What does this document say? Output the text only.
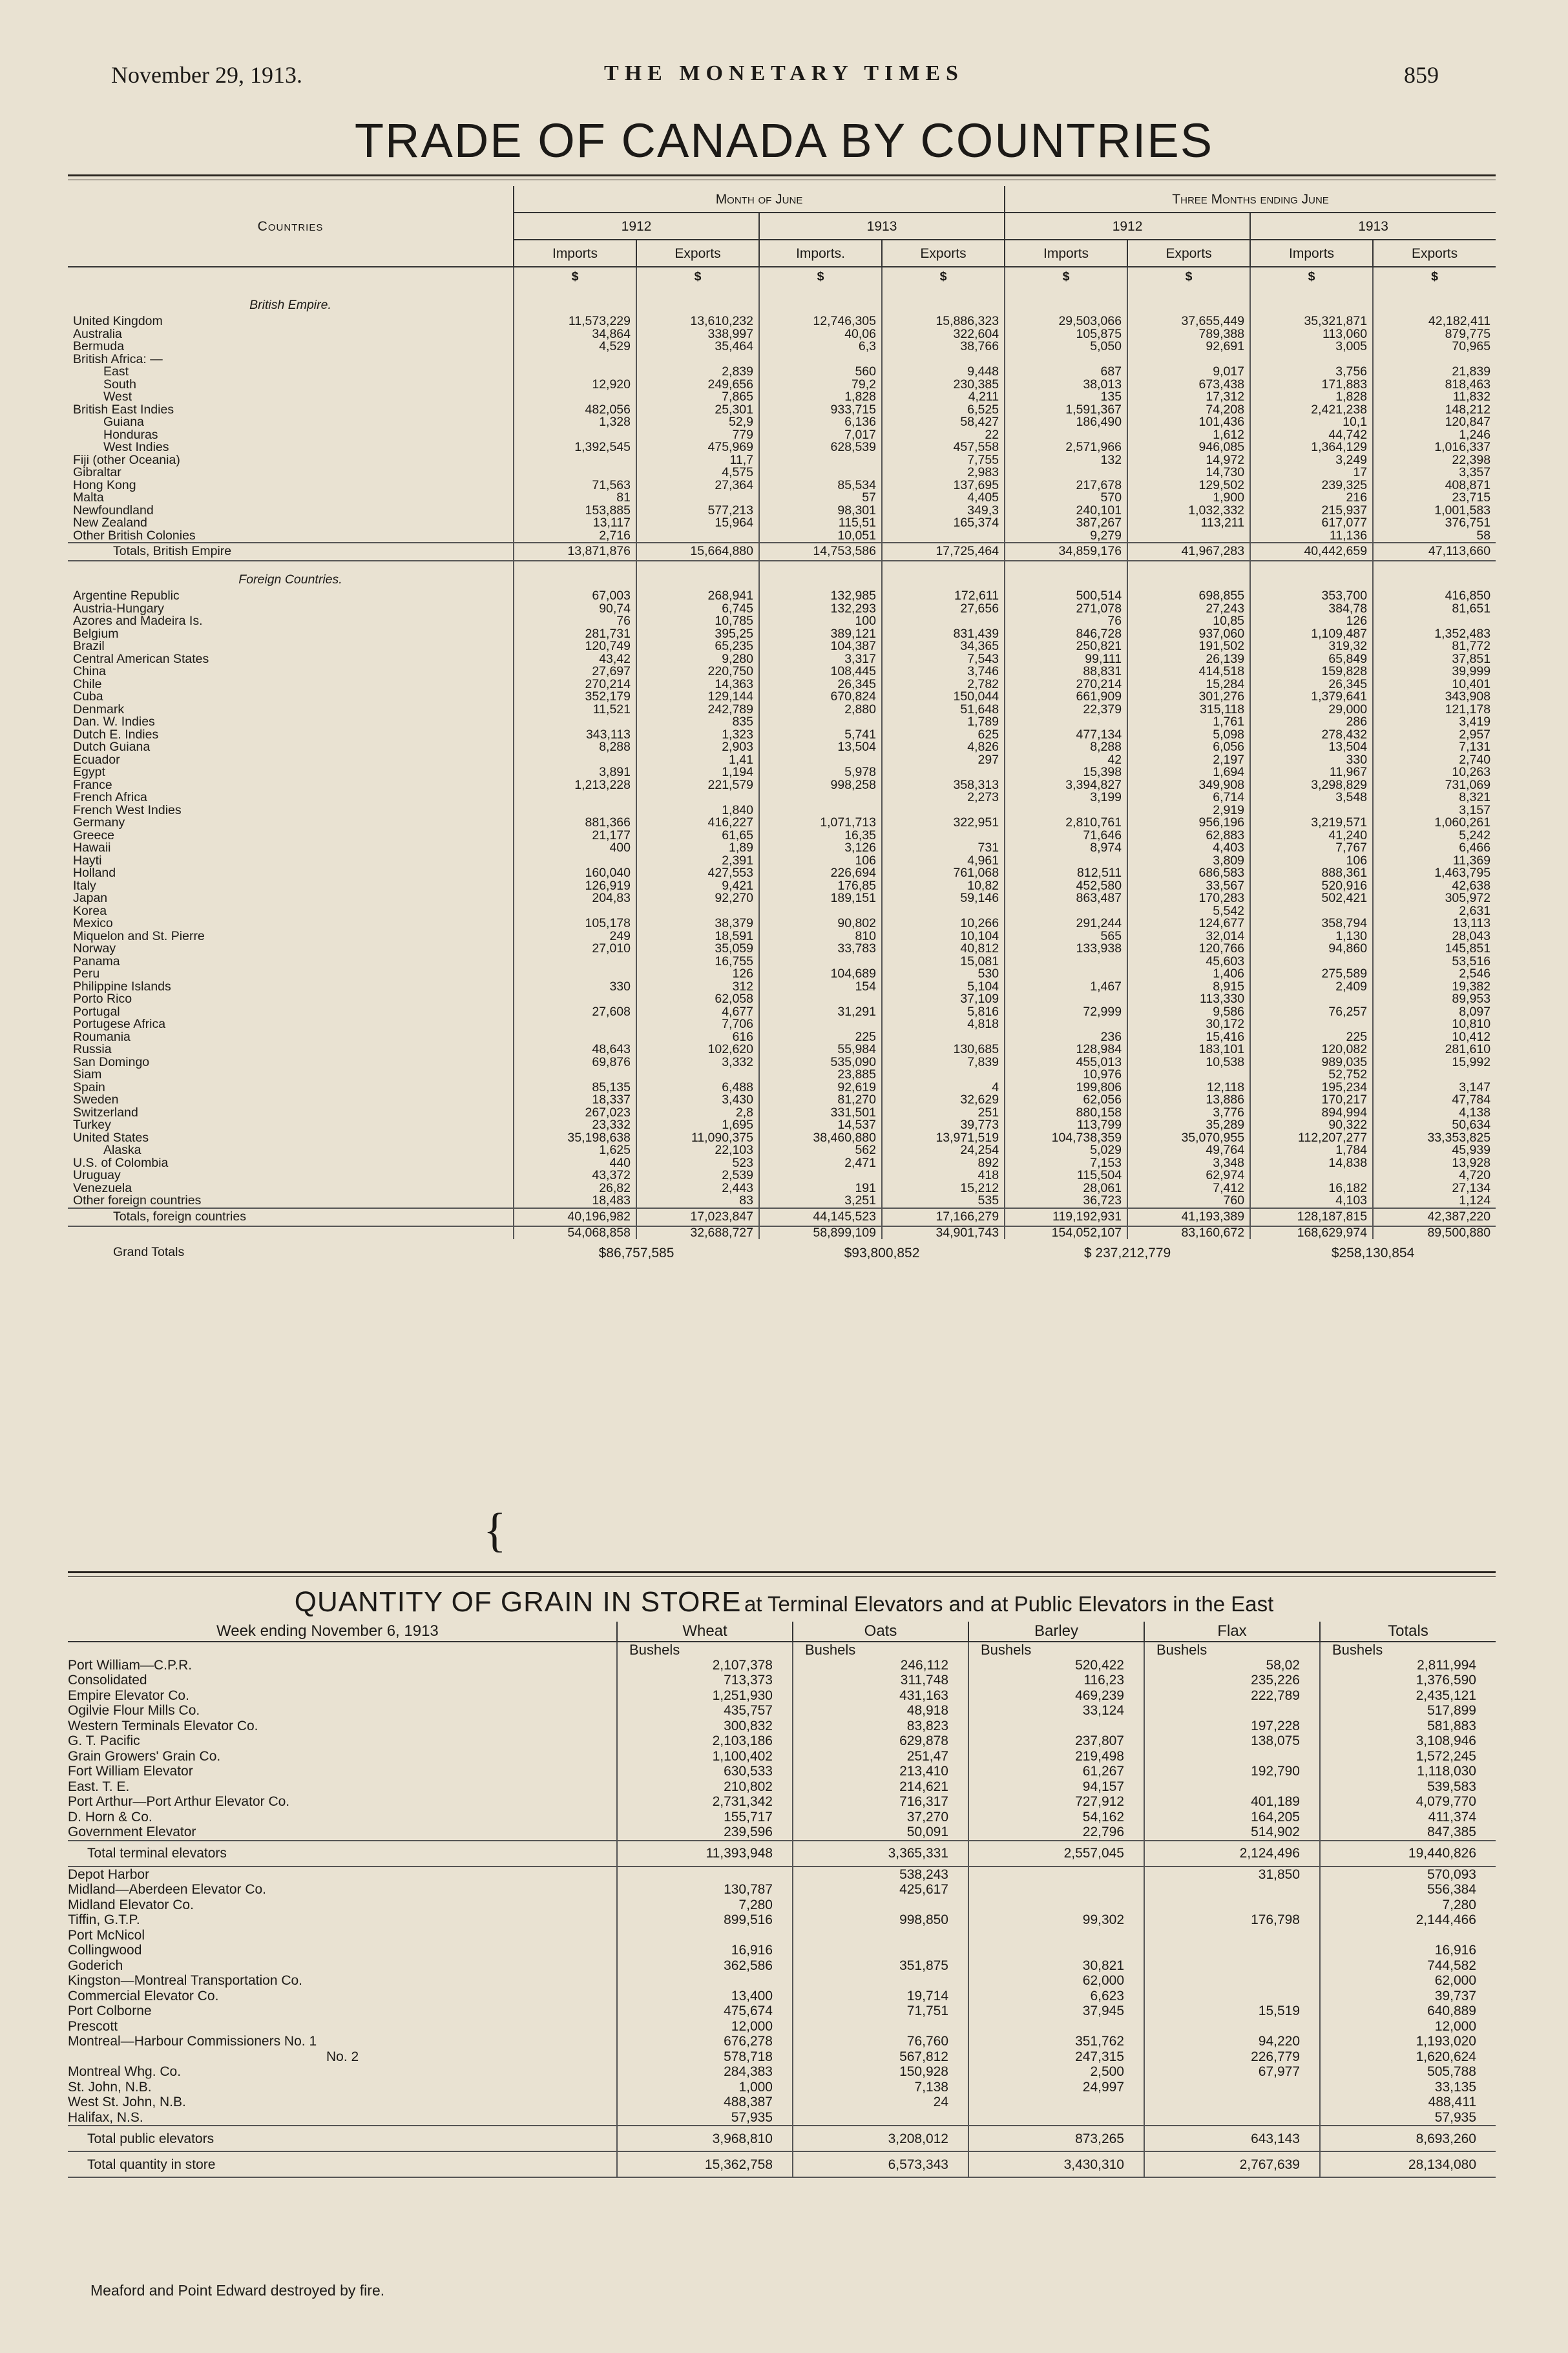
November 29, 1913.	THE MONETARY TIMES	859
TRADE OF CANADA BY COUNTRIES
Countries	Month of June				Three Months ending June			
	1912		1913		1912		1913	
	Imports	Exports	Imports.	Exports	Imports	Exports	Imports	Exports
	$	$	$	$	$	$	$	$
British Empire.								
United Kingdom	11,573,229	13,610,232	12,746,305	15,886,323	29,503,066	37,655,449	35,321,871	42,182,411
Australia	34,864	338,997	40,06	322,604	105,875	789,388	113,060	879,775
Bermuda	4,529	35,464	6,3	38,766	5,050	92,691	3,005	70,965
British Africa: —								
East		2,839	560	9,448	687	9,017	3,756	21,839
South	12,920	249,656	79,2	230,385	38,013	673,438	171,883	818,463
West		7,865	1,828	4,211	135	17,312	1,828	11,832
British East Indies	482,056	25,301	933,715	6,525	1,591,367	74,208	2,421,238	148,212
Guiana	1,328	52,9	6,136	58,427	186,490	101,436	10,1	120,847
Honduras		779	7,017	22		1,612	44,742	1,246
West Indies	1,392,545	475,969	628,539	457,558	2,571,966	946,085	1,364,129	1,016,337
Fiji (other Oceania)		11,7		7,755	132	14,972	3,249	22,398
Gibraltar		4,575		2,983		14,730	17	3,357
Hong Kong	71,563	27,364	85,534	137,695	217,678	129,502	239,325	408,871
Malta	81		57	4,405	570	1,900	216	23,715
Newfoundland	153,885	577,213	98,301	349,3	240,101	1,032,332	215,937	1,001,583
New Zealand	13,117	15,964	115,51	165,374	387,267	113,211	617,077	376,751
Other British Colonies	2,716		10,051		9,279		11,136	58
Totals, British Empire	13,871,876	15,664,880	14,753,586	17,725,464	34,859,176	41,967,283	40,442,659	47,113,660
Foreign Countries.								
Argentine Republic	67,003	268,941	132,985	172,611	500,514	698,855	353,700	416,850
Austria-Hungary	90,74	6,745	132,293	27,656	271,078	27,243	384,78	81,651
Azores and Madeira Is.	76	10,785	100		76	10,85	126	
Belgium	281,731	395,25	389,121	831,439	846,728	937,060	1,109,487	1,352,483
Brazil	120,749	65,235	104,387	34,365	250,821	191,502	319,32	81,772
Central American States	43,42	9,280	3,317	7,543	99,111	26,139	65,849	37,851
China	27,697	220,750	108,445	3,746	88,831	414,518	159,828	39,999
Chile	270,214	14,363	26,345	2,782	270,214	15,284	26,345	10,401
Cuba	352,179	129,144	670,824	150,044	661,909	301,276	1,379,641	343,908
Denmark	11,521	242,789	2,880	51,648	22,379	315,118	29,000	121,178
Dan. W. Indies		835		1,789		1,761	286	3,419
Dutch E. Indies	343,113	1,323	5,741	625	477,134	5,098	278,432	2,957
Dutch Guiana	8,288	2,903	13,504	4,826	8,288	6,056	13,504	7,131
Ecuador		1,41		297	42	2,197	330	2,740
Egypt	3,891	1,194	5,978		15,398	1,694	11,967	10,263
France	1,213,228	221,579	998,258	358,313	3,394,827	349,908	3,298,829	731,069
French Africa				2,273	3,199	6,714	3,548	8,321
French West Indies		1,840				2,919		3,157
Germany	881,366	416,227	1,071,713	322,951	2,810,761	956,196	3,219,571	1,060,261
Greece	21,177	61,65	16,35		71,646	62,883	41,240	5,242
Hawaii	400	1,89	3,126	731	8,974	4,403	7,767	6,466
Hayti		2,391	106	4,961		3,809	106	11,369
Holland	160,040	427,553	226,694	761,068	812,511	686,583	888,361	1,463,795
Italy	126,919	9,421	176,85	10,82	452,580	33,567	520,916	42,638
Japan	204,83	92,270	189,151	59,146	863,487	170,283	502,421	305,972
Korea						5,542		2,631
Mexico	105,178	38,379	90,802	10,266	291,244	124,677	358,794	13,113
Miquelon and St. Pierre	249	18,591	810	10,104	565	32,014	1,130	28,043
Norway	27,010	35,059	33,783	40,812	133,938	120,766	94,860	145,851
Panama		16,755		15,081		45,603		53,516
Peru		126	104,689	530		1,406	275,589	2,546
Philippine Islands	330	312	154	5,104	1,467	8,915	2,409	19,382
Porto Rico		62,058		37,109		113,330		89,953
Portugal	27,608	4,677	31,291	5,816	72,999	9,586	76,257	8,097
Portugese Africa		7,706		4,818		30,172		10,810
Roumania		616	225		236	15,416	225	10,412
Russia	48,643	102,620	55,984	130,685	128,984	183,101	120,082	281,610
San Domingo	69,876	3,332	535,090	7,839	455,013	10,538	989,035	15,992
Siam			23,885		10,976		52,752	
Spain	85,135	6,488	92,619	4	199,806	12,118	195,234	3,147
Sweden	18,337	3,430	81,270	32,629	62,056	13,886	170,217	47,784
Switzerland	267,023	2,8	331,501	251	880,158	3,776	894,994	4,138
Turkey	23,332	1,695	14,537	39,773	113,799	35,289	90,322	50,634
United States	35,198,638	11,090,375	38,460,880	13,971,519	104,738,359	35,070,955	112,207,277	33,353,825
Alaska	1,625	22,103	562	24,254	5,029	49,764	1,784	45,939
U.S. of Colombia	440	523	2,471	892	7,153	3,348	14,838	13,928
Uruguay	43,372	2,539		418	115,504	62,974		4,720
Venezuela	26,82	2,443	191	15,212	28,061	7,412	16,182	27,134
Other foreign countries	18,483	83	3,251	535	36,723	760	4,103	1,124
Totals, foreign countries	40,196,982	17,023,847	44,145,523	17,166,279	119,192,931	41,193,389	128,187,815	42,387,220
	54,068,858	32,688,727	58,899,109	34,901,743	154,052,107	83,160,672	168,629,974	89,500,880
Grand Totals	$86,757,585		$93,800,852		$ 237,212,779		$258,130,854	
{
QUANTITY OF GRAIN IN STORE at Terminal Elevators and at Public Elevators in the East
Week ending November 6, 1913	Wheat	Oats	Barley	Flax	Totals
	Bushels	Bushels	Bushels	Bushels	Bushels
Port William—C.P.R.	2,107,378	246,112	520,422	58,02	2,811,994
Consolidated	713,373	311,748	116,23	235,226	1,376,590
Empire Elevator Co.	1,251,930	431,163	469,239	222,789	2,435,121
Ogilvie Flour Mills Co.	435,757	48,918	33,124		517,899
Western Terminals Elevator Co.	300,832	83,823		197,228	581,883
G. T. Pacific	2,103,186	629,878	237,807	138,075	3,108,946
Grain Growers' Grain Co.	1,100,402	251,47	219,498		1,572,245
Fort William Elevator	630,533	213,410	61,267	192,790	1,118,030
East. T. E.	210,802	214,621	94,157		539,583
Port Arthur—Port Arthur Elevator Co.	2,731,342	716,317	727,912	401,189	4,079,770
D. Horn & Co.	155,717	37,270	54,162	164,205	411,374
Government Elevator	239,596	50,091	22,796	514,902	847,385
Total terminal elevators	11,393,948	3,365,331	2,557,045	2,124,496	19,440,826
Depot Harbor		538,243		31,850	570,093
Midland—Aberdeen Elevator Co.	130,787	425,617			556,384
Midland Elevator Co.	7,280				7,280
Tiffin, G.T.P.	899,516	998,850	99,302	176,798	2,144,466
Port McNicol					
Collingwood	16,916				16,916
Goderich	362,586	351,875	30,821		744,582
Kingston—Montreal Transportation Co.			62,000		62,000
Commercial Elevator Co.	13,400	19,714	6,623		39,737
Port Colborne	475,674	71,751	37,945	15,519	640,889
Prescott	12,000				12,000
Montreal—Harbour Commissioners No. 1	676,278	76,760	351,762	94,220	1,193,020
No. 2	578,718	567,812	247,315	226,779	1,620,624
Montreal Whg. Co.	284,383	150,928	2,500	67,977	505,788
St. John, N.B.	1,000	7,138	24,997		33,135
West St. John, N.B.	488,387	24			488,411
Halifax, N.S.	57,935				57,935
Total public elevators	3,968,810	3,208,012	873,265	643,143	8,693,260
Total quantity in store	15,362,758	6,573,343	3,430,310	2,767,639	28,134,080
Meaford and Point Edward destroyed by fire.
